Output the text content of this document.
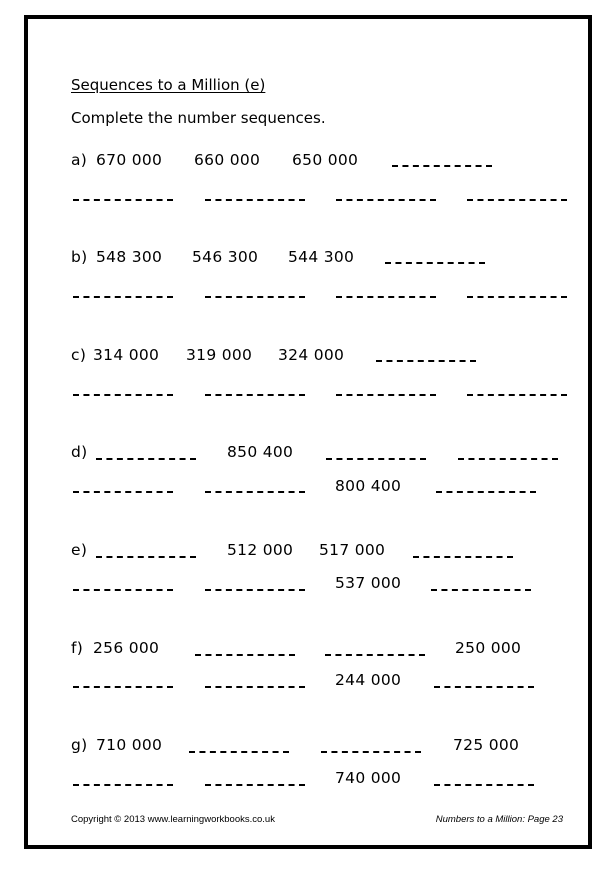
Sequences to a Million (e)
Complete the number sequences.
a) 670 000 660 000 650 000
b) 548 300 546 300 544 300
c) 314 000 319 000 324 000
d)	850 400
800 400
e)	512 000 517 000
537 000
f) 256 000	250 000
244 000
g) 710 000	725 000
740 000
Copyright © 2013 www.learningworkbooks.co.uk	Numbers to a Million: Page 23
